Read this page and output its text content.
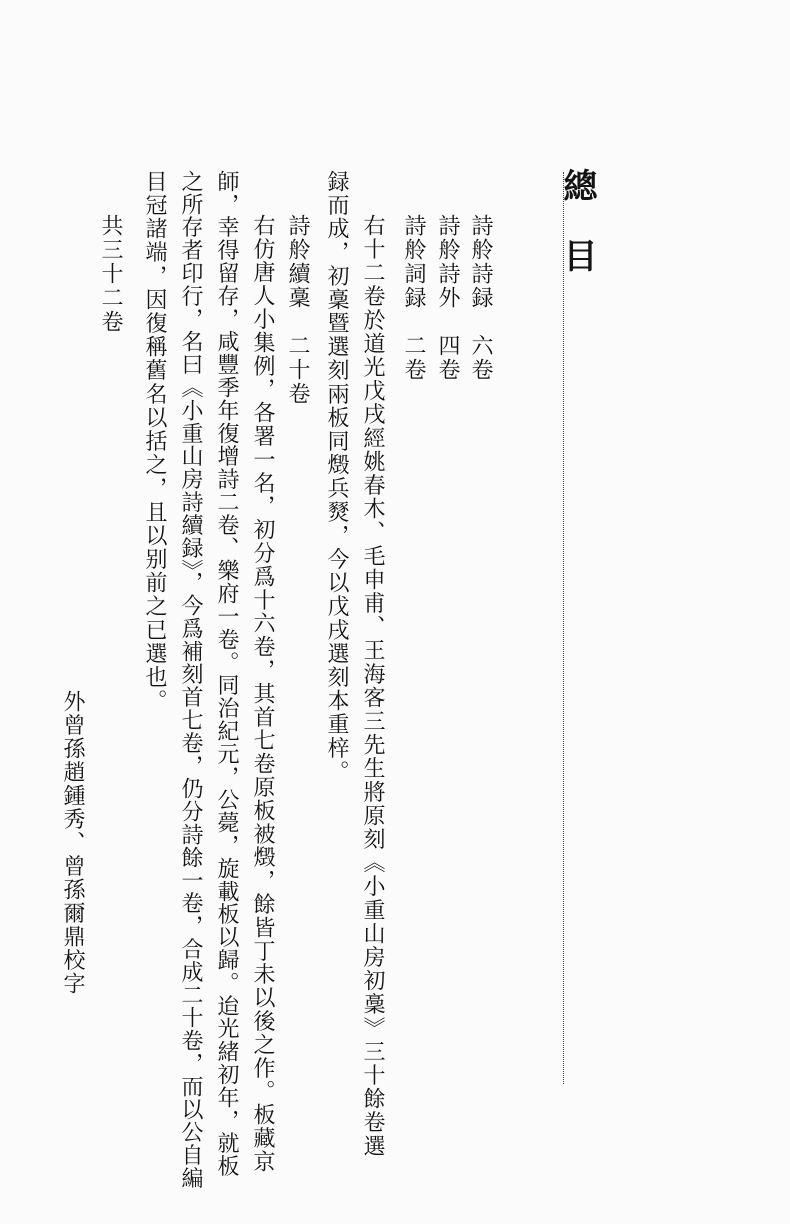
總目

詩舲詩録　六卷

詩舲詩外　四卷

詩舲詞録　二卷

右十二卷於道光戊戌經姚春木、毛申甫、王海客三先生將原刻《小重山房初稾》三十餘卷選

録而成，初稾暨選刻兩板同燬兵燹，今以戊戌選刻本重梓。

詩舲續稾　二十卷

右仿唐人小集例，各署一名，初分爲十六卷，其首七卷原板被燬，餘皆丁未以後之作。板藏京

師，幸得留存，咸豐季年復增詩二卷、樂府一卷。同治紀元，公薨，旋載板以歸。迨光緒初年，就板

之所存者印行，名曰《小重山房詩續録》，今爲補刻首七卷，仍分詩餘一卷，合成二十卷，而以公自編

目冠諸端，因復稱舊名以括之，且以别前之已選也。

共三十二卷

外曾孫趙鍾秀、曾孫爾鼎校字
